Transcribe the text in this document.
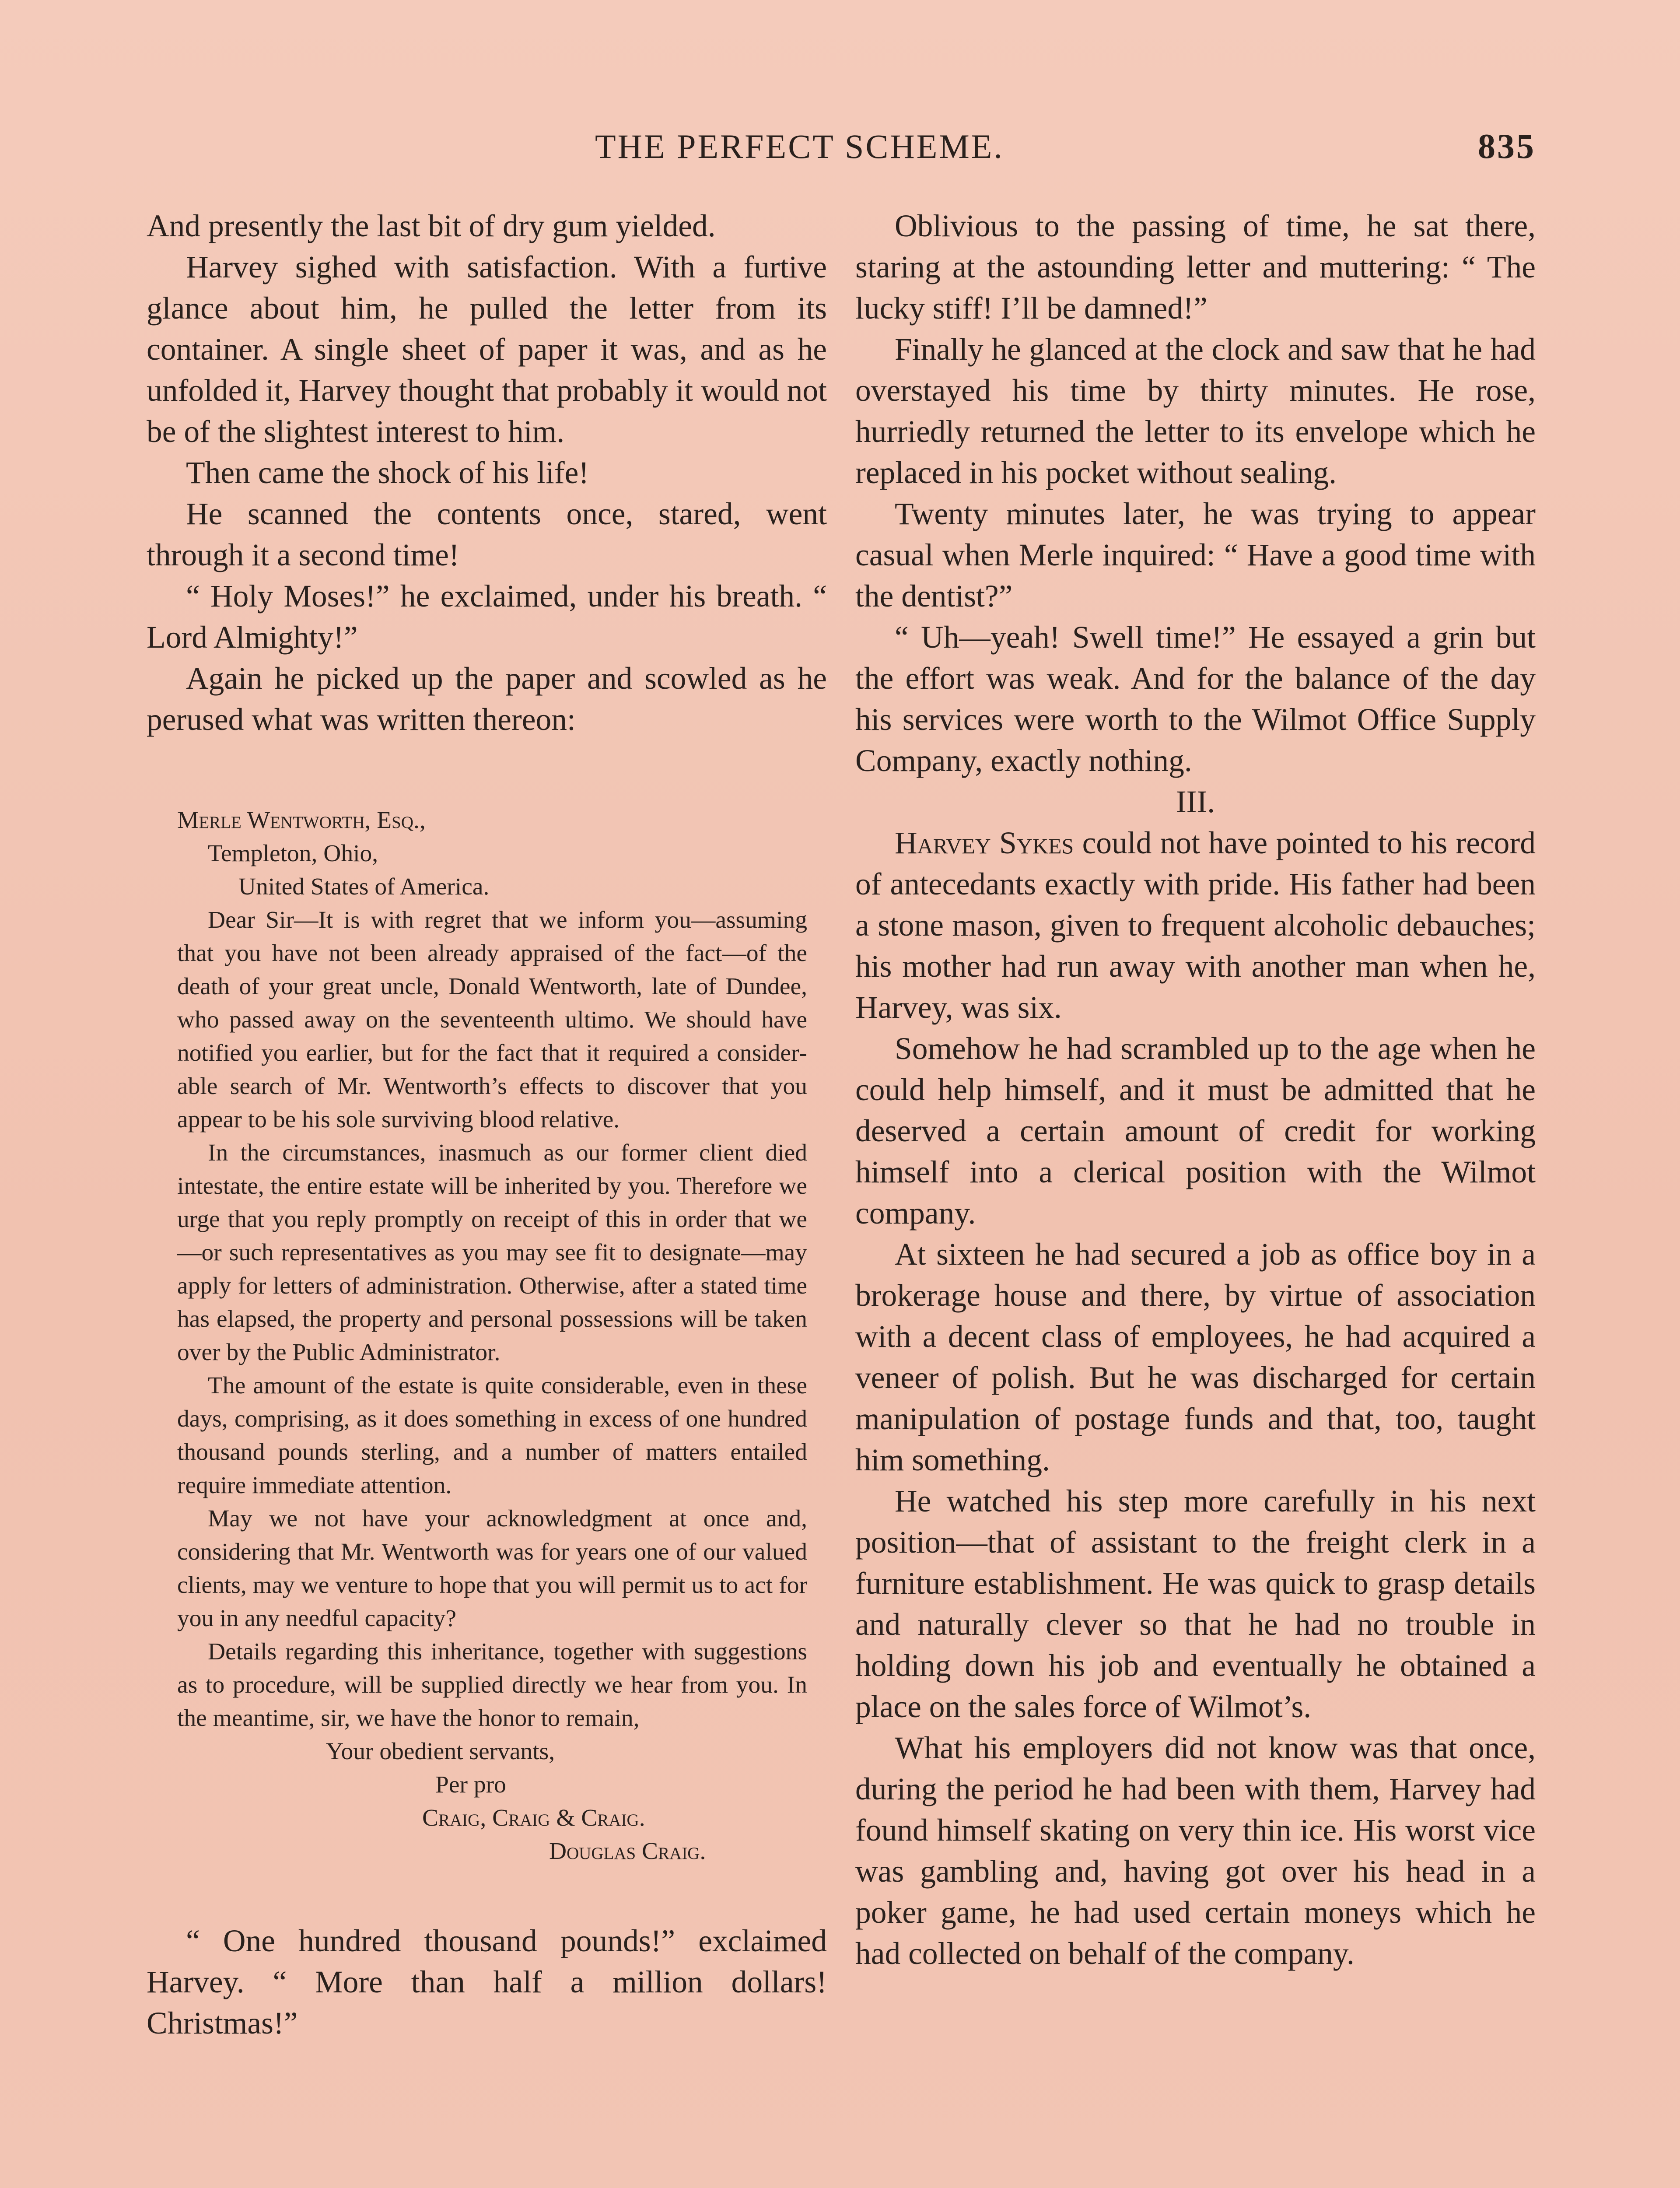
THE PERFECT SCHEME.	835

And presently the last bit of dry gum yielded.

Harvey sighed with satisfaction. With a furtive glance about him, he pulled the letter from its container. A single sheet of paper it was, and as he unfolded it, Harvey thought that probably it would not be of the slightest interest to him.

Then came the shock of his life!

He scanned the contents once, stared, went through it a second time!

“ Holy Moses!” he exclaimed, under his breath. “ Lord Almighty!”

Again he picked up the paper and scowled as he perused what was written thereon:

Merle Wentworth, Esq.,

Templeton, Ohio,

United States of America.

Dear Sir—It is with regret that we inform you—assuming that you have not been already appraised of the fact—of the death of your great uncle, Donald Wentworth, late of Dundee, who passed away on the seventeenth ultimo. We should have notified you earlier, but for the fact that it required a considerable search of Mr. Wentworth’s effects to discover that you appear to be his sole surviving blood relative.

In the circumstances, inasmuch as our former client died intestate, the entire estate will be inherited by you. Therefore we urge that you reply promptly on receipt of this in order that we—or such representatives as you may see fit to designate—may apply for letters of administration. Otherwise, after a stated time has elapsed, the property and personal possessions will be taken over by the Public Administrator.

The amount of the estate is quite considerable, even in these days, comprising, as it does something in excess of one hundred thousand pounds sterling, and a number of matters entailed require immediate attention.

May we not have your acknowledgment at once and, considering that Mr. Wentworth was for years one of our valued clients, may we venture to hope that you will permit us to act for you in any needful capacity?

Details regarding this inheritance, together with suggestions as to procedure, will be supplied directly we hear from you. In the meantime, sir, we have the honor to remain,

Your obedient servants,

Per pro

Craig, Craig & Craig.

Douglas Craig.

“ One hundred thousand pounds!” exclaimed Harvey. “ More than half a million dollars! Christmas!”

Oblivious to the passing of time, he sat there, staring at the astounding letter and muttering: “ The lucky stiff! I’ll be damned!”

Finally he glanced at the clock and saw that he had overstayed his time by thirty minutes. He rose, hurriedly returned the letter to its envelope which he replaced in his pocket without sealing.

Twenty minutes later, he was trying to appear casual when Merle inquired: “ Have a good time with the dentist?”

“ Uh—yeah! Swell time!” He essayed a grin but the effort was weak. And for the balance of the day his services were worth to the Wilmot Office Supply Company, exactly nothing.

III.

Harvey Sykes could not have pointed to his record of antecedants exactly with pride. His father had been a stone mason, given to frequent alcoholic debauches; his mother had run away with another man when he, Harvey, was six.

Somehow he had scrambled up to the age when he could help himself, and it must be admitted that he deserved a certain amount of credit for working himself into a clerical position with the Wilmot company.

At sixteen he had secured a job as office boy in a brokerage house and there, by virtue of association with a decent class of employees, he had acquired a veneer of polish. But he was discharged for certain manipulation of postage funds and that, too, taught him something.

He watched his step more carefully in his next position—that of assistant to the freight clerk in a furniture establishment. He was quick to grasp details and naturally clever so that he had no trouble in holding down his job and eventually he obtained a place on the sales force of Wilmot’s.

What his employers did not know was that once, during the period he had been with them, Harvey had found himself skating on very thin ice. His worst vice was gambling and, having got over his head in a poker game, he had used certain moneys which he had collected on behalf of the company.
